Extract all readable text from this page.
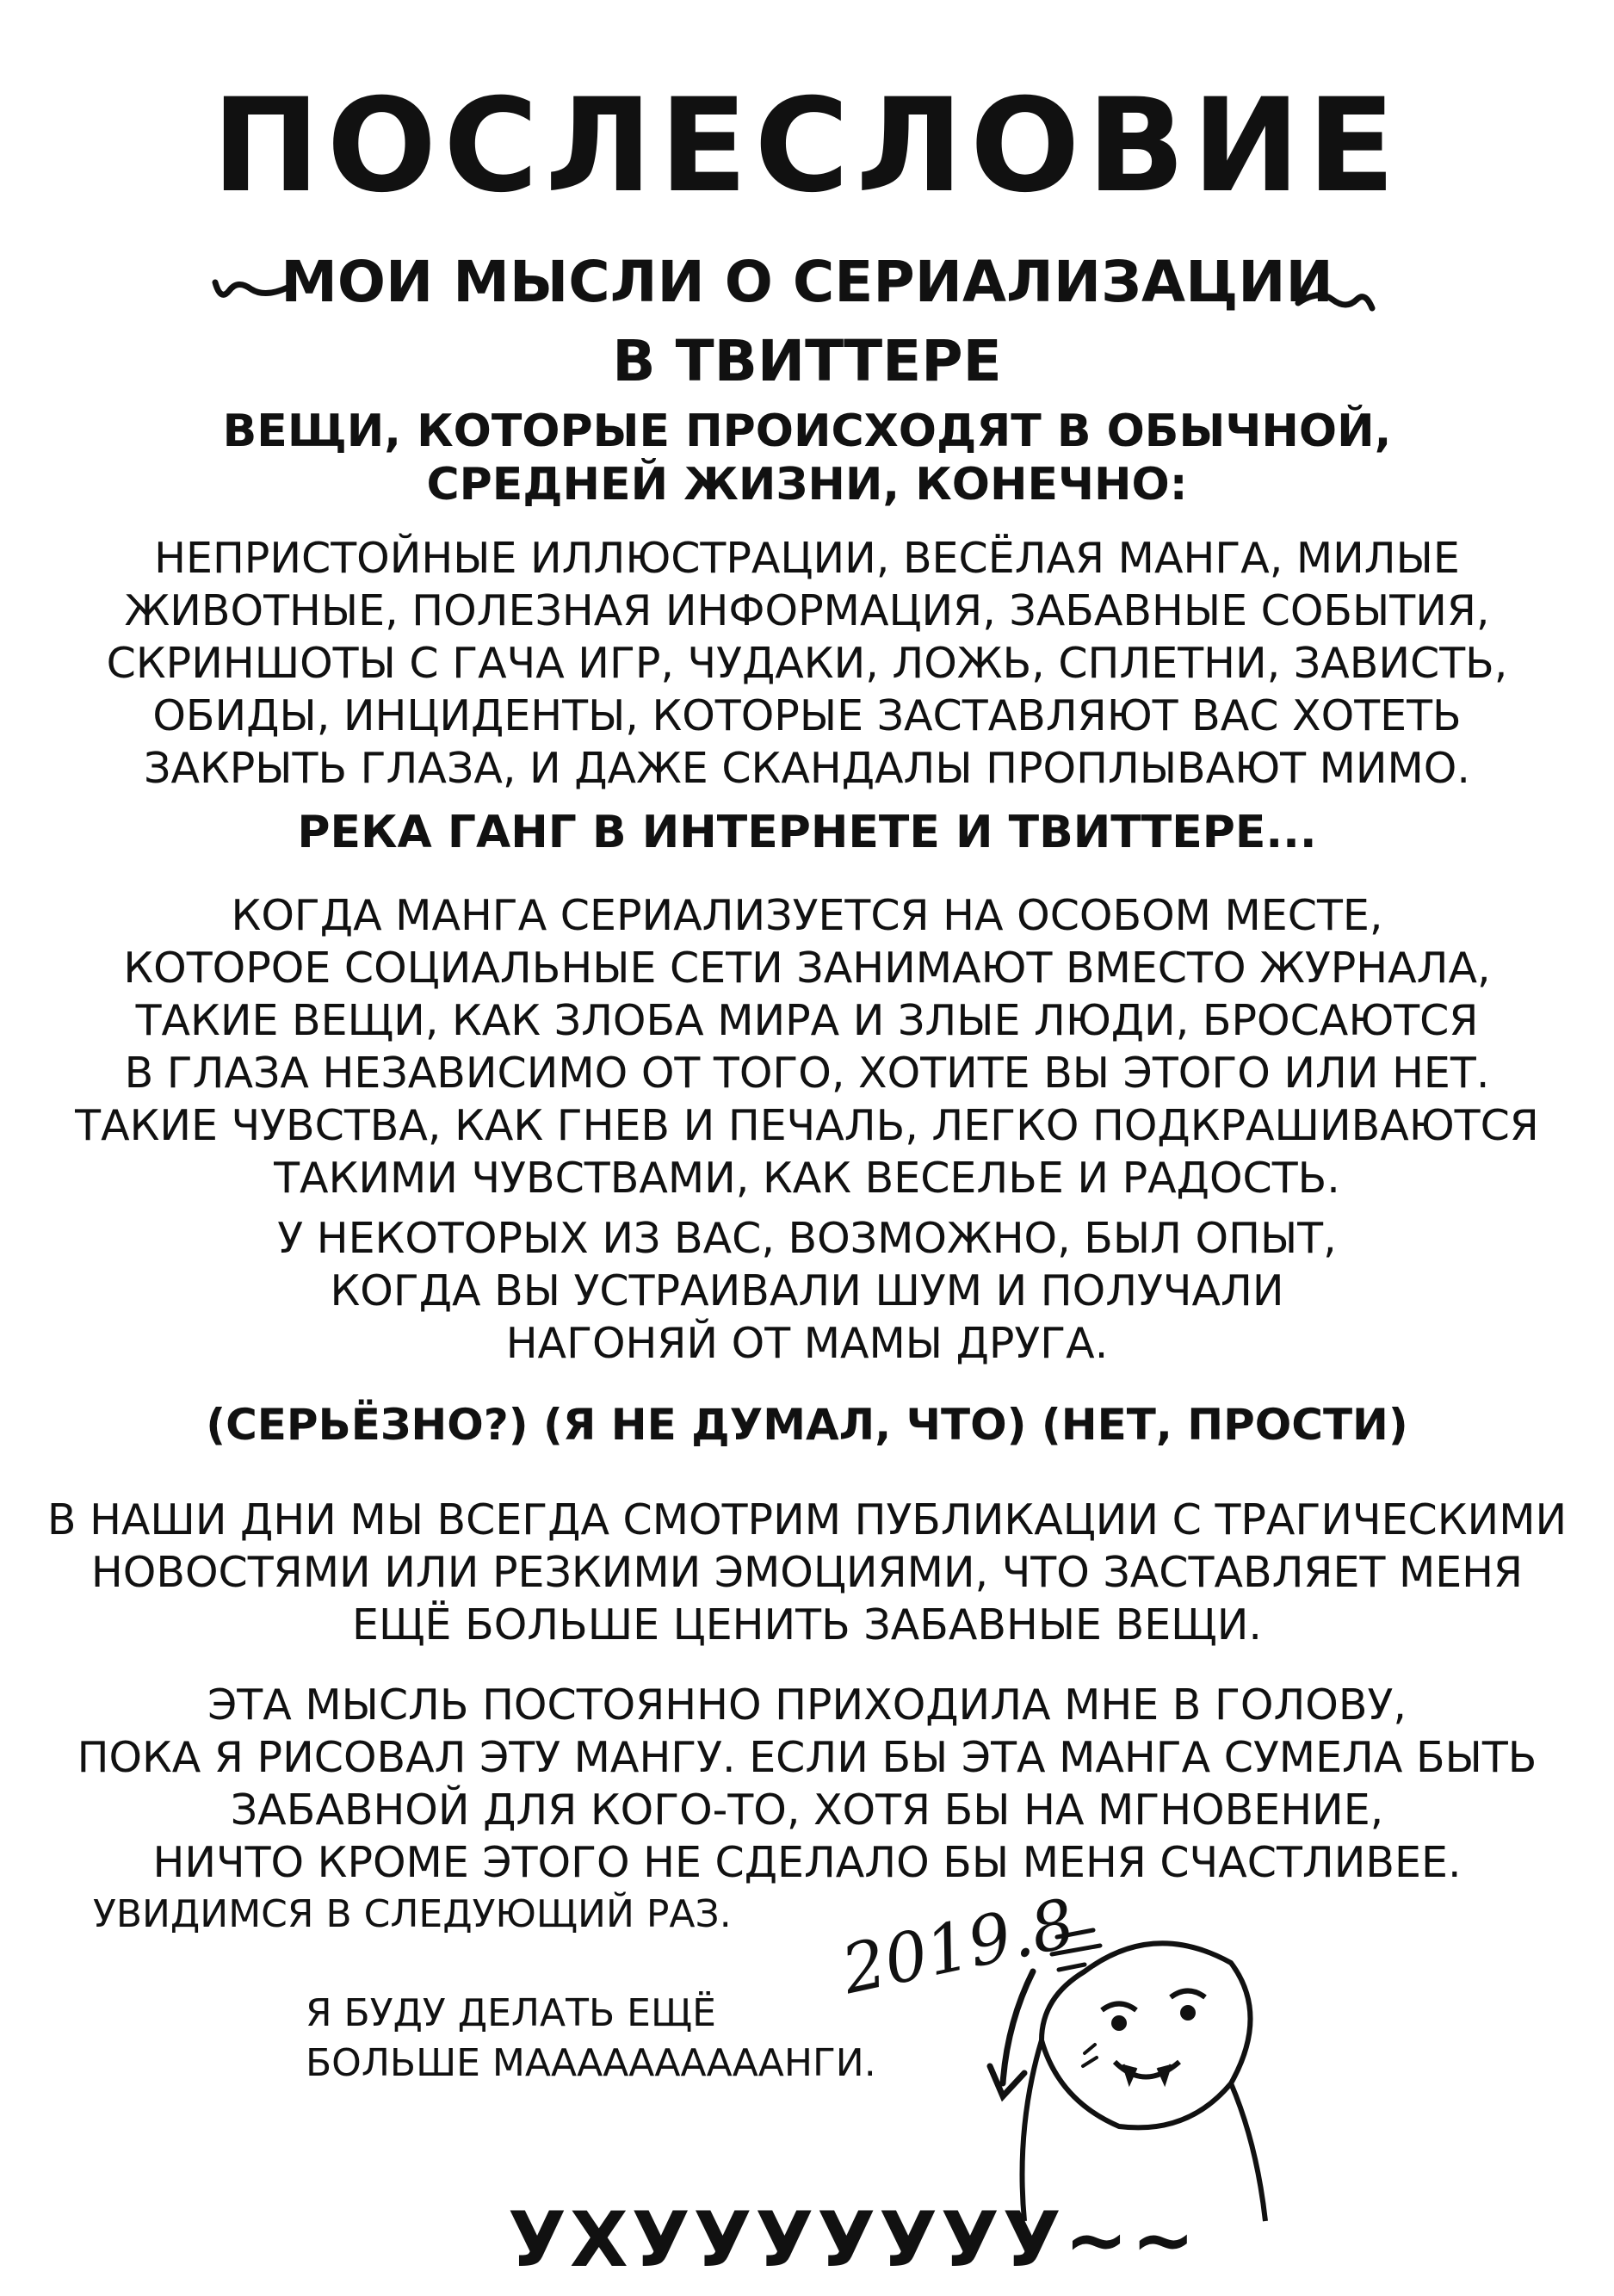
ПОСЛЕСЛОВИЕ
МОИ МЫСЛИ О СЕРИАЛИЗАЦИИ
В ТВИТТЕРЕ
ВЕЩИ, КОТОРЫЕ ПРОИСХОДЯТ В ОБЫЧНОЙ,
СРЕДНЕЙ ЖИЗНИ, КОНЕЧНО:
НЕПРИСТОЙНЫЕ ИЛЛЮСТРАЦИИ, ВЕСЁЛАЯ МАНГА, МИЛЫЕ
ЖИВОТНЫЕ, ПОЛЕЗНАЯ ИНФОРМАЦИЯ, ЗАБАВНЫЕ СОБЫТИЯ,
СКРИНШОТЫ С ГАЧА ИГР, ЧУДАКИ, ЛОЖЬ, СПЛЕТНИ, ЗАВИСТЬ,
ОБИДЫ, ИНЦИДЕНТЫ, КОТОРЫЕ ЗАСТАВЛЯЮТ ВАС ХОТЕТЬ
ЗАКРЫТЬ ГЛАЗА, И ДАЖЕ СКАНДАЛЫ ПРОПЛЫВАЮТ МИМО.
РЕКА ГАНГ В ИНТЕРНЕТЕ И ТВИТТЕРЕ...
КОГДА МАНГА СЕРИАЛИЗУЕТСЯ НА ОСОБОМ МЕСТЕ,
КОТОРОЕ СОЦИАЛЬНЫЕ СЕТИ ЗАНИМАЮТ ВМЕСТО ЖУРНАЛА,
ТАКИЕ ВЕЩИ, КАК ЗЛОБА МИРА И ЗЛЫЕ ЛЮДИ, БРОСАЮТСЯ
В ГЛАЗА НЕЗАВИСИМО ОТ ТОГО, ХОТИТЕ ВЫ ЭТОГО ИЛИ НЕТ.
ТАКИЕ ЧУВСТВА, КАК ГНЕВ И ПЕЧАЛЬ, ЛЕГКО ПОДКРАШИВАЮТСЯ
ТАКИМИ ЧУВСТВАМИ, КАК ВЕСЕЛЬЕ И РАДОСТЬ.
У НЕКОТОРЫХ ИЗ ВАС, ВОЗМОЖНО, БЫЛ ОПЫТ,
КОГДА ВЫ УСТРАИВАЛИ ШУМ И ПОЛУЧАЛИ
НАГОНЯЙ ОТ МАМЫ ДРУГА.
(СЕРЬЁЗНО?) (Я НЕ ДУМАЛ, ЧТО) (НЕТ, ПРОСТИ)
В НАШИ ДНИ МЫ ВСЕГДА СМОТРИМ ПУБЛИКАЦИИ С ТРАГИЧЕСКИМИ
НОВОСТЯМИ ИЛИ РЕЗКИМИ ЭМОЦИЯМИ, ЧТО ЗАСТАВЛЯЕТ МЕНЯ
ЕЩЁ БОЛЬШЕ ЦЕНИТЬ ЗАБАВНЫЕ ВЕЩИ.
ЭТА МЫСЛЬ ПОСТОЯННО ПРИХОДИЛА МНЕ В ГОЛОВУ,
ПОКА Я РИСОВАЛ ЭТУ МАНГУ. ЕСЛИ БЫ ЭТА МАНГА СУМЕЛА БЫТЬ
ЗАБАВНОЙ ДЛЯ КОГО-ТО, ХОТЯ БЫ НА МГНОВЕНИЕ,
НИЧТО КРОМЕ ЭТОГО НЕ СДЕЛАЛО БЫ МЕНЯ СЧАСТЛИВЕЕ.
УВИДИМСЯ В СЛЕДУЮЩИЙ РАЗ.
Я БУДУ ДЕЛАТЬ ЕЩЁ
БОЛЬШЕ МААААААААААНГИ.
УХУУУУУУУ~~
2019.8
